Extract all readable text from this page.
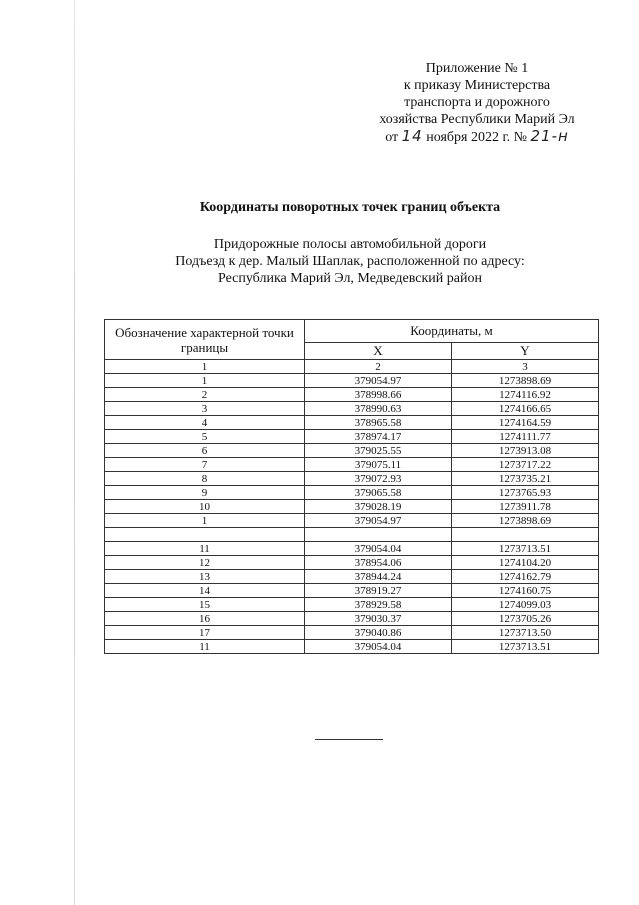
Приложение № 1
к приказу Министерства
транспорта и дорожного
хозяйства Республики Марий Эл
от 14 ноября 2022 г. № 21-н
Координаты поворотных точек границ объекта
Придорожные полосы автомобильной дороги
Подъезд к дер. Малый Шаплак, расположенной по адресу:
Республика Марий Эл, Медведевский район
Обозначение характерной точки границы	Координаты, м	
	X	Y
1	2	3
1	379054.97	1273898.69
2	378998.66	1274116.92
3	378990.63	1274166.65
4	378965.58	1274164.59
5	378974.17	1274111.77
6	379025.55	1273913.08
7	379075.11	1273717.22
8	379072.93	1273735.21
9	379065.58	1273765.93
10	379028.19	1273911.78
1	379054.97	1273898.69

11	379054.04	1273713.51
12	378954.06	1274104.20
13	378944.24	1274162.79
14	378919.27	1274160.75
15	378929.58	1274099.03
16	379030.37	1273705.26
17	379040.86	1273713.50
11	379054.04	1273713.51
